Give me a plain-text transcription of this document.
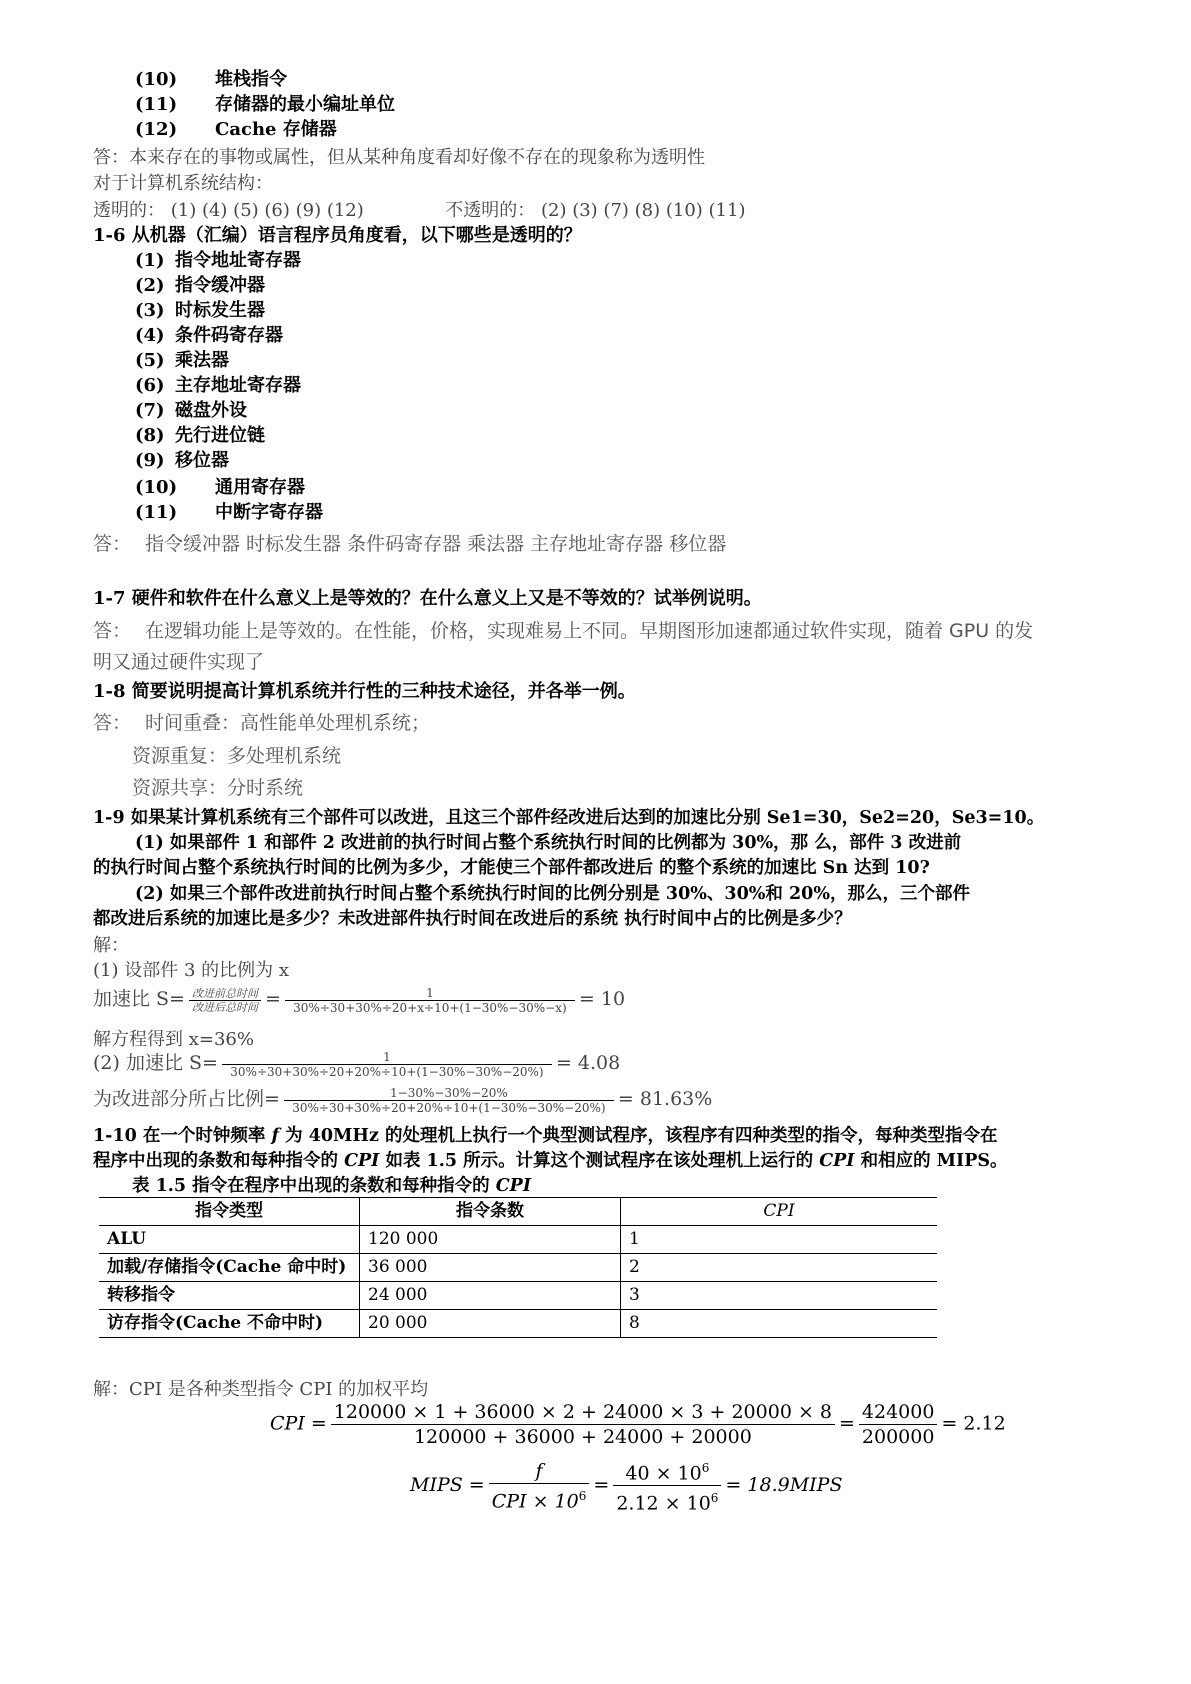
(10) 堆栈指令
(11) 存储器的最小编址单位
(12) Cache 存储器
答：本来存在的事物或属性，但从某种角度看却好像不存在的现象称为透明性
对于计算机系统结构：
透明的： (1) (4) (5) (6) (9) (12)	不透明的： (2) (3) (7) (8) (10) (11)
1-6 从机器（汇编）语言程序员角度看，以下哪些是透明的？
(1) 指令地址寄存器
(2) 指令缓冲器
(3) 时标发生器
(4) 条件码寄存器
(5) 乘法器
(6) 主存地址寄存器
(7) 磁盘外设
(8) 先行进位链
(9) 移位器
(10) 通用寄存器
(11) 中断字寄存器
答： 指令缓冲器 时标发生器 条件码寄存器 乘法器 主存地址寄存器 移位器
1-7 硬件和软件在什么意义上是等效的？在什么意义上又是不等效的？试举例说明。
答： 在逻辑功能上是等效的。在性能，价格，实现难易上不同。早期图形加速都通过软件实现，随着 GPU 的发
明又通过硬件实现了
1-8 简要说明提高计算机系统并行性的三种技术途径，并各举一例。
答： 时间重叠：高性能单处理机系统；
资源重复：多处理机系统
资源共享：分时系统
1-9 如果某计算机系统有三个部件可以改进，且这三个部件经改进后达到的加速比分别 Se1=30，Se2=20，Se3=10。
(1) 如果部件 1 和部件 2 改进前的执行时间占整个系统执行时间的比例都为 30%，那 么，部件 3 改进前
的执行时间占整个系统执行时间的比例为多少，才能使三个部件都改进后 的整个系统的加速比 Sn 达到 10?
(2) 如果三个部件改进前执行时间占整个系统执行时间的比例分别是 30%、30%和 20%，那么，三个部件
都改进后系统的加速比是多少？未改进部件执行时间在改进后的系统 执行时间中占的比例是多少？
解：
(1) 设部件 3 的比例为 x
加速比 $S= \frac{\text{改进前总时间}}{\text{改进后总时间}} = \frac{1}{30\%\div 30+30\%\div 20+x\div 10+(1-30\%-30\%-x)} = 10$
解方程得到 x=36%
(2) 加速比 $S= \frac{1}{30\%\div 30+30\%\div 20+20\%\div 10+(1-30\%-30\%-20\%)} = 4.08$
为改进部分所占比例= $\frac{1-30\%-30\%-20\%}{30\%\div 30+30\%\div 20+20\%\div 10+(1-30\%-30\%-20\%)} = 81.63\%$
1-10 在一个时钟频率 f 为 40MHz 的处理机上执行一个典型测试程序，该程序有四种类型的指令，每种类型指令在
程序中出现的条数和每种指令的 CPI 如表 1.5 所示。计算这个测试程序在该处理机上运行的 CPI 和相应的 MIPS。
表 1.5 指令在程序中出现的条数和每种指令的 CPI
指令类型	指令条数	CPI
ALU	120 000	1
加载/存储指令(Cache 命中时)	36 000	2
转移指令	24 000	3
访存指令(Cache 不命中时)	20 000	8
解：CPI 是各种类型指令 CPI 的加权平均
CPI = $\frac{120000 \times 1 + 36000 \times 2 + 24000 \times 3 + 20000 \times 8}{120000 + 36000 + 24000 + 20000} = \frac{424000}{200000} = 2.12$
MIPS = $\frac{f}{CPI \times 10^6} = \frac{40 \times 10^6}{2.12 \times 10^6}$ = 18.9MIPS
